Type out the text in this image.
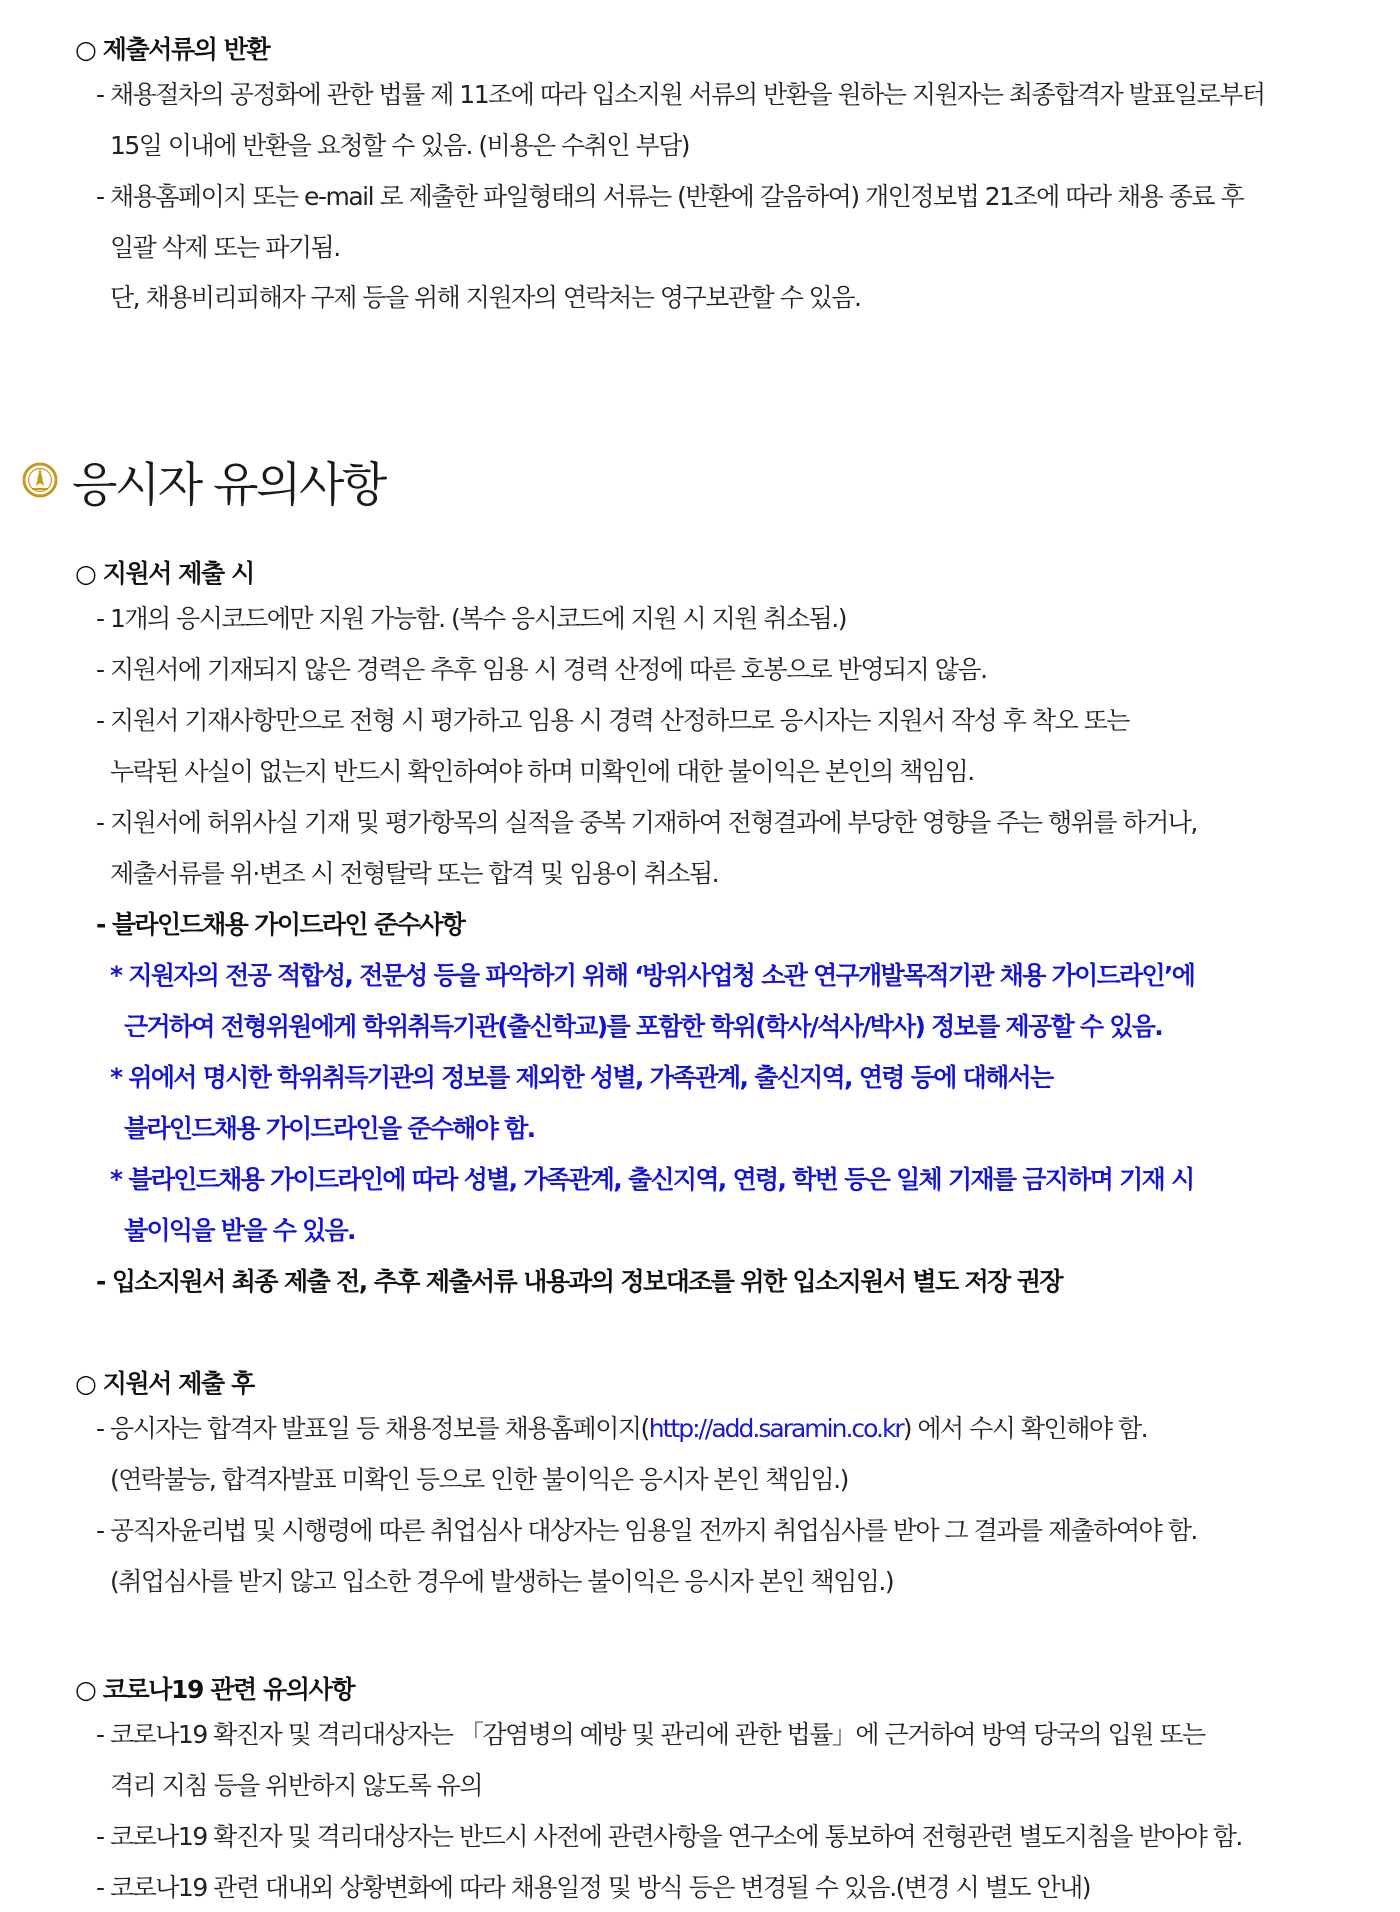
○ 제출서류의 반환
- 채용절차의 공정화에 관한 법률 제 11조에 따라 입소지원 서류의 반환을 원하는 지원자는 최종합격자 발표일로부터
15일 이내에 반환을 요청할 수 있음. (비용은 수취인 부담)
- 채용홈페이지 또는 e-mail 로 제출한 파일형태의 서류는 (반환에 갈음하여) 개인정보법 21조에 따라 채용 종료 후
일괄 삭제 또는 파기됨.
단, 채용비리피해자 구제 등을 위해 지원자의 연락처는 영구보관할 수 있음.
응시자 유의사항
○ 지원서 제출 시
- 1개의 응시코드에만 지원 가능함. (복수 응시코드에 지원 시 지원 취소됨.)
- 지원서에 기재되지 않은 경력은 추후 임용 시 경력 산정에 따른 호봉으로 반영되지 않음.
- 지원서 기재사항만으로 전형 시 평가하고 임용 시 경력 산정하므로 응시자는 지원서 작성 후 착오 또는
누락된 사실이 없는지 반드시 확인하여야 하며 미확인에 대한 불이익은 본인의 책임임.
- 지원서에 허위사실 기재 및 평가항목의 실적을 중복 기재하여 전형결과에 부당한 영향을 주는 행위를 하거나,
제출서류를 위·변조 시 전형탈락 또는 합격 및 임용이 취소됨.
- 블라인드채용 가이드라인 준수사항
* 지원자의 전공 적합성, 전문성 등을 파악하기 위해 ‘방위사업청 소관 연구개발목적기관 채용 가이드라인’에
근거하여 전형위원에게 학위취득기관(출신학교)를 포함한 학위(학사/석사/박사) 정보를 제공할 수 있음.
* 위에서 명시한 학위취득기관의 정보를 제외한 성별, 가족관계, 출신지역, 연령 등에 대해서는
블라인드채용 가이드라인을 준수해야 함.
* 블라인드채용 가이드라인에 따라 성별, 가족관계, 출신지역, 연령, 학번 등은 일체 기재를 금지하며 기재 시
불이익을 받을 수 있음.
- 입소지원서 최종 제출 전, 추후 제출서류 내용과의 정보대조를 위한 입소지원서 별도 저장 권장
○ 지원서 제출 후
- 응시자는 합격자 발표일 등 채용정보를 채용홈페이지(http://add.saramin.co.kr) 에서 수시 확인해야 함.
(연락불능, 합격자발표 미확인 등으로 인한 불이익은 응시자 본인 책임임.)
- 공직자윤리법 및 시행령에 따른 취업심사 대상자는 임용일 전까지 취업심사를 받아 그 결과를 제출하여야 함.
(취업심사를 받지 않고 입소한 경우에 발생하는 불이익은 응시자 본인 책임임.)
○ 코로나19 관련 유의사항
- 코로나19 확진자 및 격리대상자는 「감염병의 예방 및 관리에 관한 법률」에 근거하여 방역 당국의 입원 또는
격리 지침 등을 위반하지 않도록 유의
- 코로나19 확진자 및 격리대상자는 반드시 사전에 관련사항을 연구소에 통보하여 전형관련 별도지침을 받아야 함.
- 코로나19 관련 대내외 상황변화에 따라 채용일정 및 방식 등은 변경될 수 있음.(변경 시 별도 안내)
